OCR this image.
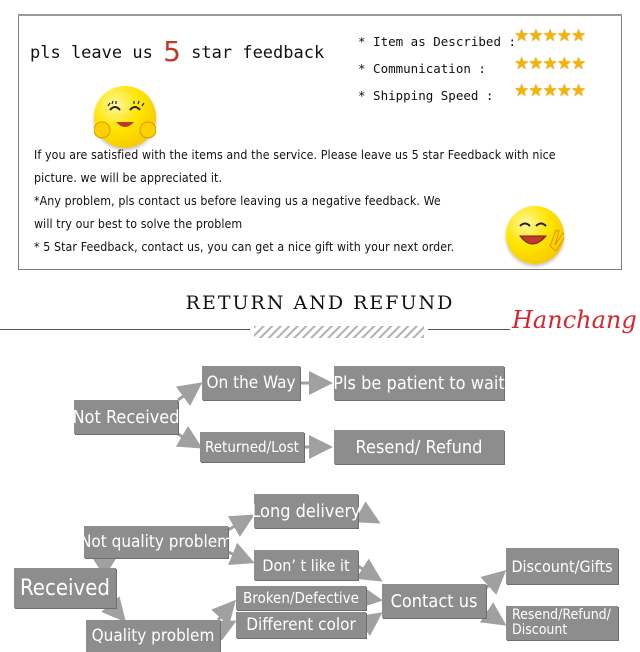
pls leave us 5 star feedback
* Item as Described :
★★★★★
* Communication : ★★★★★
* Shipping Speed : ★★★★★
If you are satisfied with the items and the service. Please leave us 5 star Feedback with nice
picture. we will be appreciated it.
*Any problem, pls contact us before leaving us a negative feedback. We
will try our best to solve the problem
* 5 Star Feedback, contact us, you can get a nice gift with your next order.
RETURN AND REFUND
Hanchang
Not Received
On the Way Pls be patient to wait
Returned/Lost	Resend/ Refund
Received
Not quality problem
Long delivery
Don’ t like it
Quality problem
Broken/Defective
Different color
Contact us
Discount/Gifts
Resend/Refund/ Discount
